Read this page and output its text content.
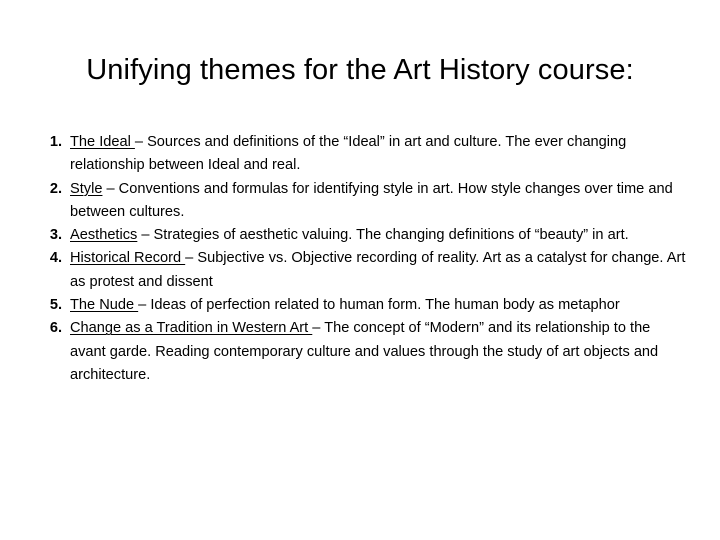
Unifying themes for the Art History course:
1. The Ideal – Sources and definitions of the “Ideal” in art and culture. The ever changing relationship between Ideal and real.
2. Style – Conventions and formulas for identifying style in art. How style changes over time and between cultures.
3. Aesthetics – Strategies of aesthetic valuing. The changing definitions of “beauty” in art.
4. Historical Record – Subjective vs. Objective recording of reality. Art as a catalyst for change. Art as protest and dissent
5. The Nude – Ideas of perfection related to human form. The human body as metaphor
6. Change as a Tradition in Western Art – The concept of “Modern” and its relationship to the avant garde. Reading contemporary culture and values through the study of art objects and architecture.
